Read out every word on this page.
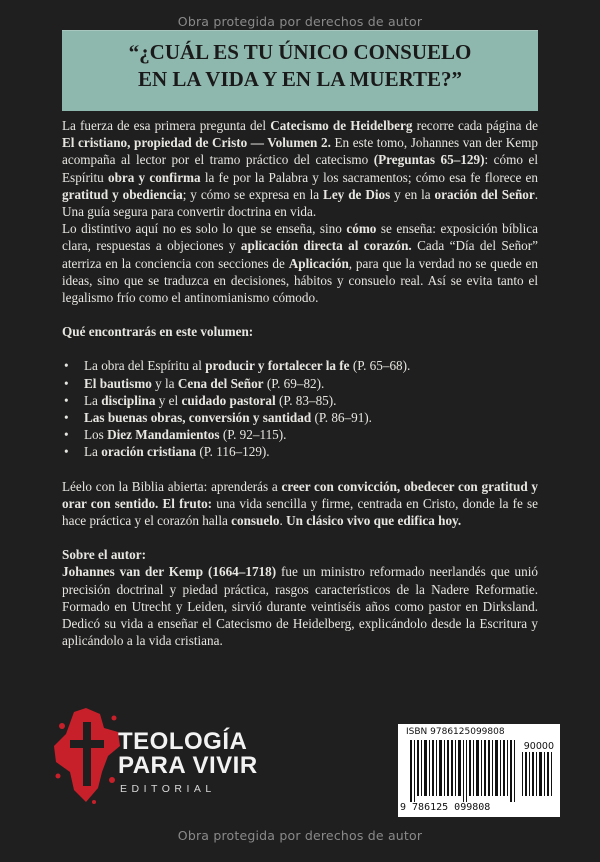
Obra protegida por derechos de autor
“¿CUÁL ES TU ÚNICO CONSUELO
EN LA VIDA Y EN LA MUERTE?”

La fuerza de esa primera pregunta del Catecismo de Heidelberg recorre cada página de El cristiano, propiedad de Cristo — Volumen 2. En este tomo, Johannes van der Kemp acompaña al lector por el tramo práctico del catecismo (Preguntas 65–129): cómo el Espíritu obra y confirma la fe por la Palabra y los sacramentos; cómo esa fe florece en gratitud y obediencia; y cómo se expresa en la Ley de Dios y en la oración del Señor. Una guía segura para convertir doctrina en vida.

Lo distintivo aquí no es solo lo que se enseña, sino cómo se enseña: exposición bíblica clara, respuestas a objeciones y aplicación directa al corazón. Cada “Día del Señor” aterriza en la conciencia con secciones de Aplicación, para que la verdad no se quede en ideas, sino que se traduzca en decisiones, hábitos y consuelo real. Así se evita tanto el legalismo frío como el antinomianismo cómodo.

Qué encontrarás en este volumen:

• La obra del Espíritu al producir y fortalecer la fe (P. 65–68).
• El bautismo y la Cena del Señor (P. 69–82).
• La disciplina y el cuidado pastoral (P. 83–85).
• Las buenas obras, conversión y santidad (P. 86–91).
• Los Diez Mandamientos (P. 92–115).
• La oración cristiana (P. 116–129).

Léelo con la Biblia abierta: aprenderás a creer con convicción, obedecer con gratitud y orar con sentido. El fruto: una vida sencilla y firme, centrada en Cristo, donde la fe se hace práctica y el corazón halla consuelo. Un clásico vivo que edifica hoy.

Sobre el autor:

Johannes van der Kemp (1664–1718) fue un ministro reformado neerlandés que unió precisión doctrinal y piedad práctica, rasgos característicos de la Nadere Reformatie. Formado en Utrecht y Leiden, sirvió durante veintiséis años como pastor en Dirksland. Dedicó su vida a enseñar el Catecismo de Heidelberg, explicándolo desde la Escritura y aplicándolo a la vida cristiana.

TEOLOGÍA
PARA VIVIR
EDITORIAL
ISBN 9786125099808
90000
9 786125 099808
Obra protegida por derechos de autor
